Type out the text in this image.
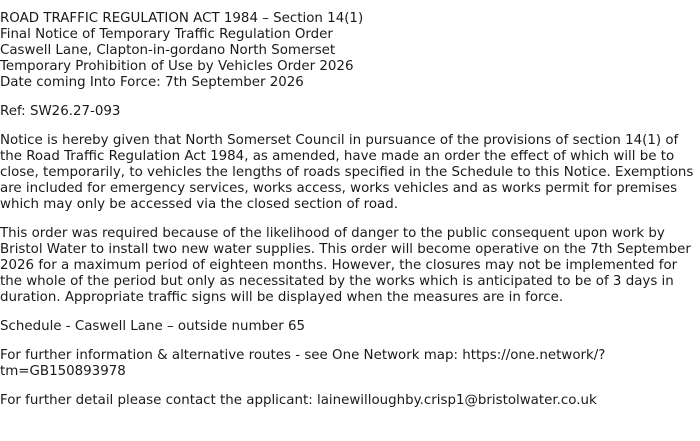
ROAD TRAFFIC REGULATION ACT 1984 – Section 14(1)
Final Notice of Temporary Traffic Regulation Order
Caswell Lane, Clapton-in-gordano North Somerset
Temporary Prohibition of Use by Vehicles Order 2026
Date coming Into Force: 7th September 2026

Ref: SW26.27-093

Notice is hereby given that North Somerset Council in pursuance of the provisions of section 14(1) of the Road Traffic Regulation Act 1984, as amended, have made an order the effect of which will be to close, temporarily, to vehicles the lengths of roads specified in the Schedule to this Notice. Exemptions are included for emergency services, works access, works vehicles and as works permit for premises which may only be accessed via the closed section of road.

This order was required because of the likelihood of danger to the public consequent upon work by Bristol Water to install two new water supplies. This order will become operative on the 7th September 2026 for a maximum period of eighteen months. However, the closures may not be implemented for the whole of the period but only as necessitated by the works which is anticipated to be of 3 days in duration. Appropriate traffic signs will be displayed when the measures are in force.

Schedule - Caswell Lane – outside number 65

For further information & alternative routes - see One Network map: https://one.network/?tm=GB150893978

For further detail please contact the applicant: lainewilloughby.crisp1@bristolwater.co.uk
